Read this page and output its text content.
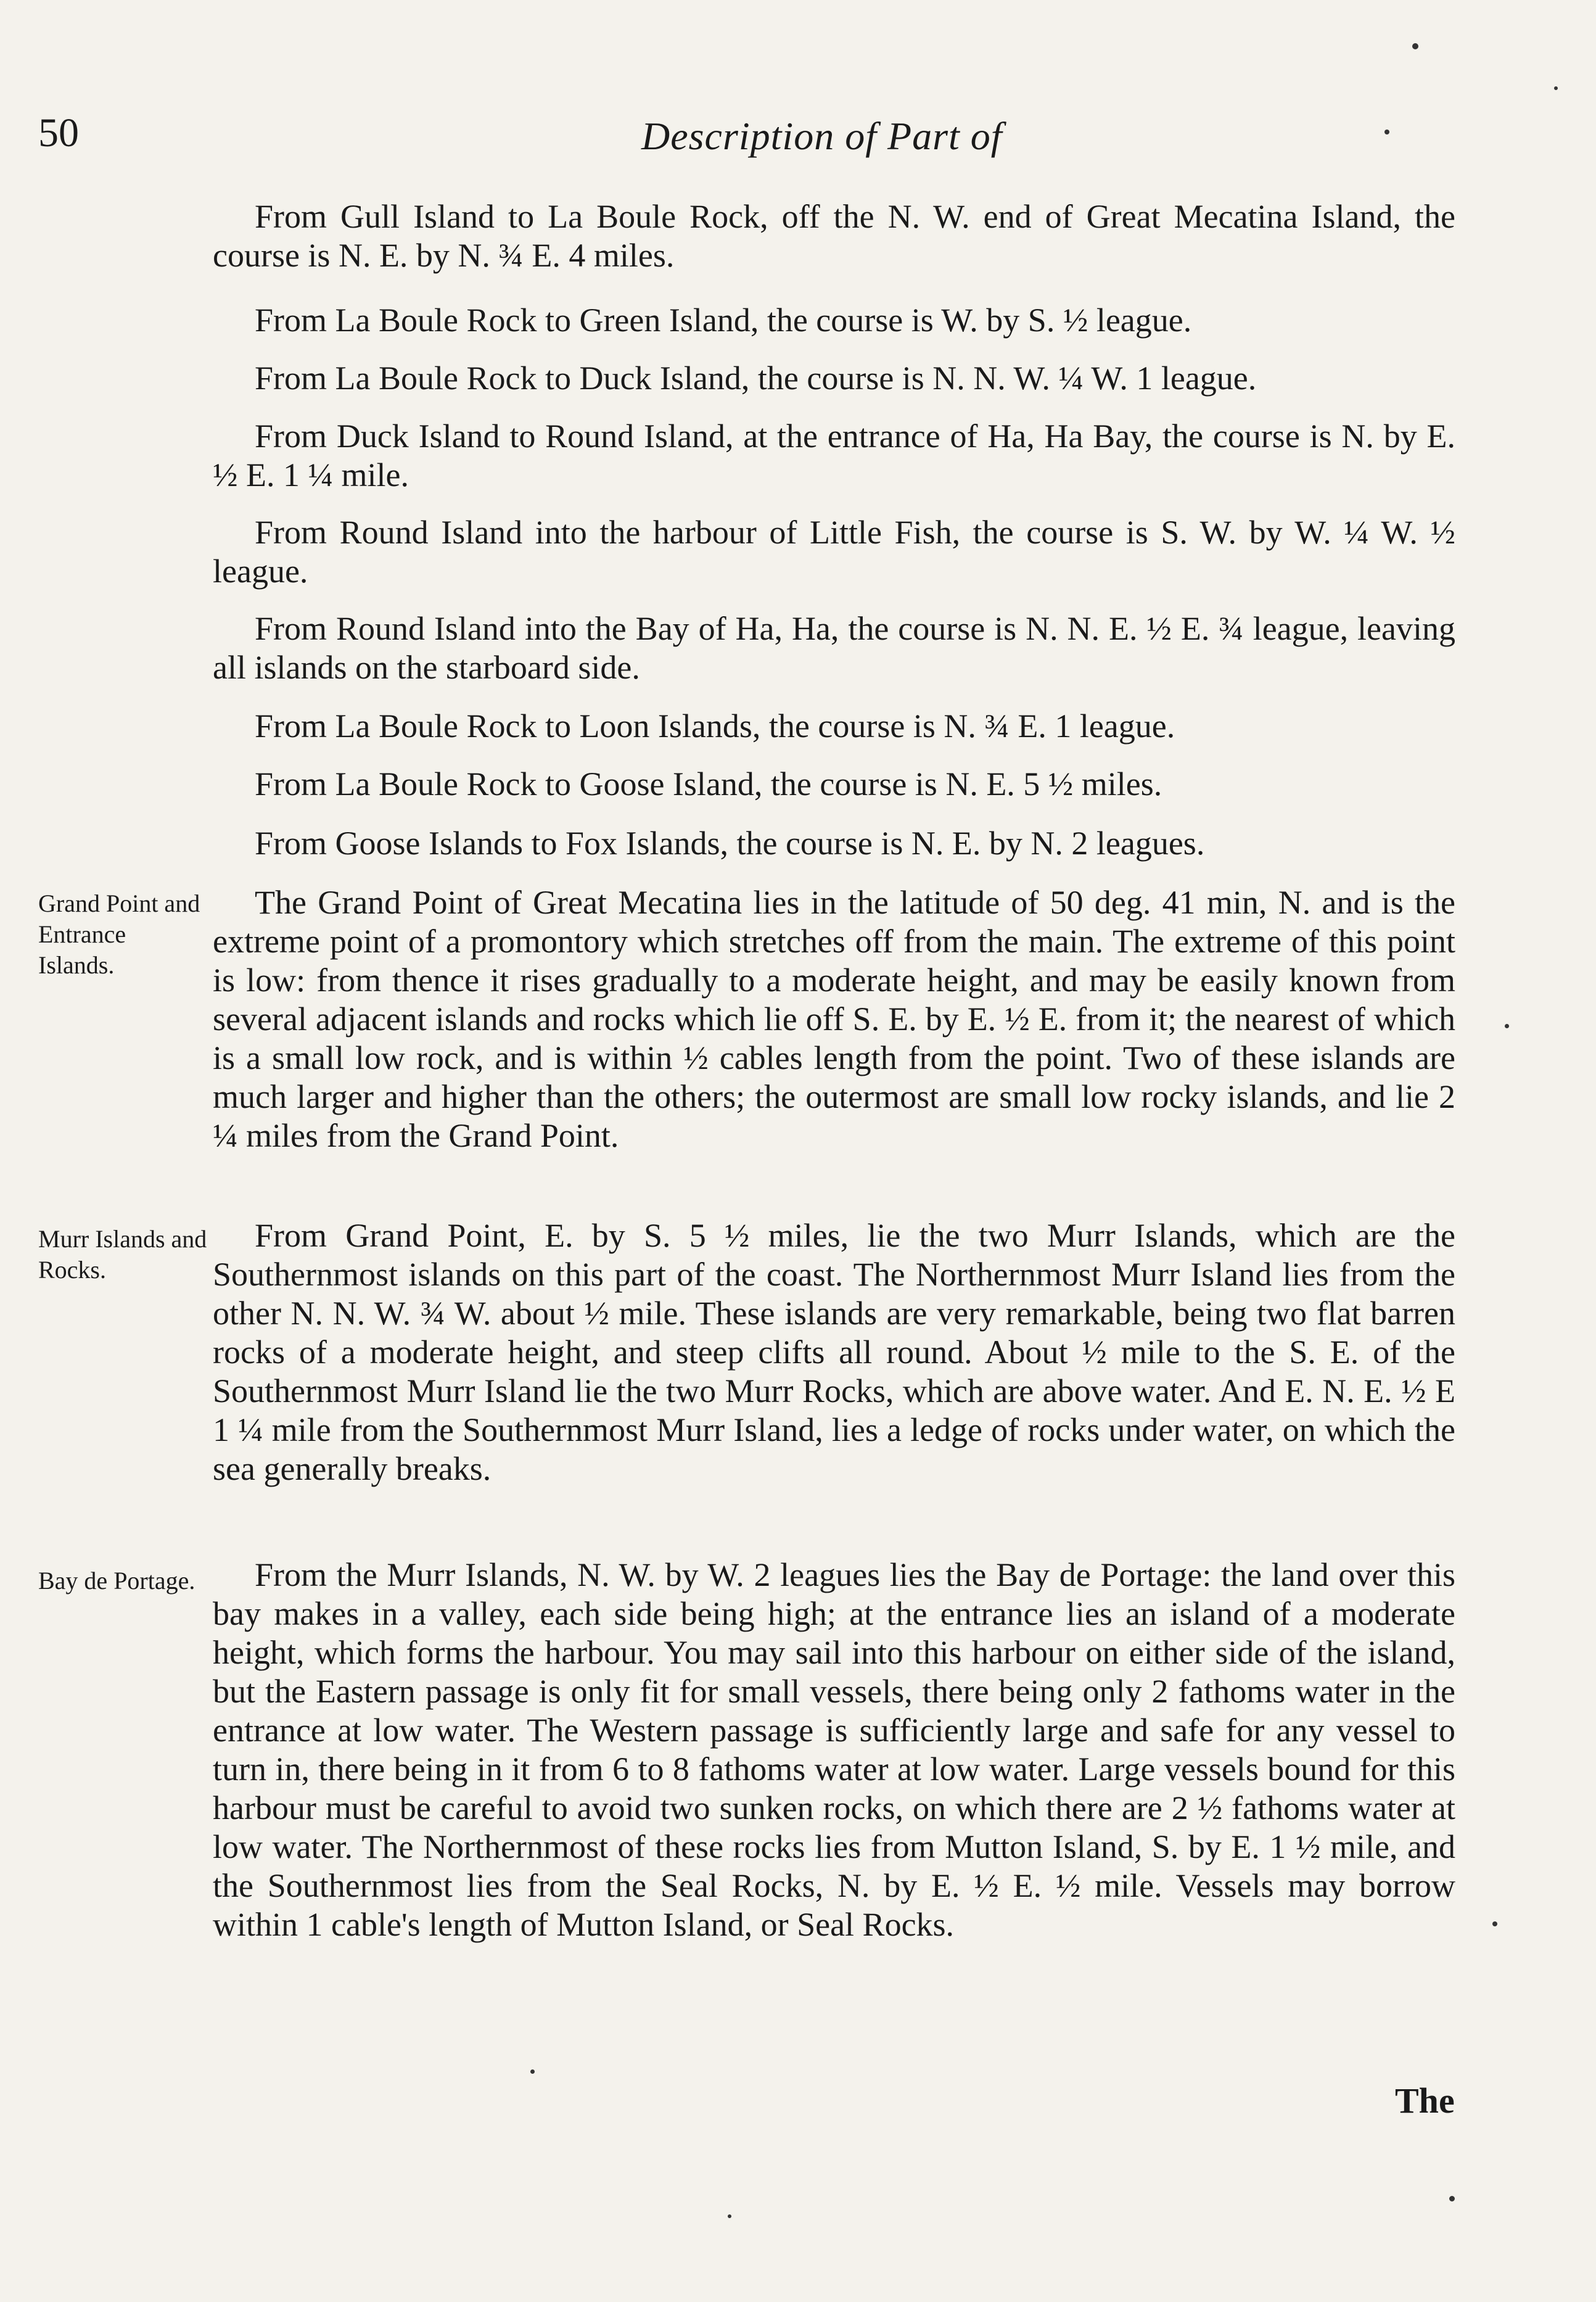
50	Description of Part of

From Gull Island to La Boule Rock, off the N. W. end of Great Mecatina Island, the course is N. E. by N. ¾ E. 4 miles.

From La Boule Rock to Green Island, the course is W. by S. ½ league.

From La Boule Rock to Duck Island, the course is N. N. W. ¼ W. 1 league.

From Duck Island to Round Island, at the entrance of Ha, Ha Bay, the course is N. by E. ½ E. 1 ¼ mile.

From Round Island into the harbour of Little Fish, the course is S. W. by W. ¼ W. ½ league.

From Round Island into the Bay of Ha, Ha, the course is N. N. E. ½ E. ¾ league, leaving all islands on the starboard side.

From La Boule Rock to Loon Islands, the course is N. ¾ E. 1 league.

From La Boule Rock to Goose Island, the course is N. E. 5 ½ miles.

From Goose Islands to Fox Islands, the course is N. E. by N. 2 leagues.

The Grand Point of Great Mecatina lies in the latitude of 50 deg. 41 min, N. and is the extreme point of a promontory which stretches off from the main. The extreme of this point is low: from thence it rises gradually to a moderate height, and may be easily known from several adjacent islands and rocks which lie off S. E. by E. ½ E. from it; the nearest of which is a small low rock, and is within ½ cables length from the point. Two of these islands are much larger and higher than the others; the outermost are small low rocky islands, and lie 2 ¼ miles from the Grand Point.

From Grand Point, E. by S. 5 ½ miles, lie the two Murr Islands, which are the Southernmost islands on this part of the coast. The Northernmost Murr Island lies from the other N. N. W. ¾ W. about ½ mile. These islands are very remarkable, being two flat barren rocks of a moderate height, and steep clifts all round. About ½ mile to the S. E. of the Southernmost Murr Island lie the two Murr Rocks, which are above water. And E. N. E. ½ E 1 ¼ mile from the Southernmost Murr Island, lies a ledge of rocks under water, on which the sea generally breaks.

From the Murr Islands, N. W. by W. 2 leagues lies the Bay de Portage: the land over this bay makes in a valley, each side being high; at the entrance lies an island of a moderate height, which forms the harbour. You may sail into this harbour on either side of the island, but the Eastern passage is only fit for small vessels, there being only 2 fathoms water in the entrance at low water. The Western passage is sufficiently large and safe for any vessel to turn in, there being in it from 6 to 8 fathoms water at low water. Large vessels bound for this harbour must be careful to avoid two sunken rocks, on which there are 2 ½ fathoms water at low water. The Northernmost of these rocks lies from Mutton Island, S. by E. 1 ½ mile, and the Southernmost lies from the Seal Rocks, N. by E. ½ E. ½ mile. Vessels may borrow within 1 cable's length of Mutton Island, or Seal Rocks.

Grand Point and Entrance Islands.
Murr Islands and Rocks.
Bay de Portage.
The
